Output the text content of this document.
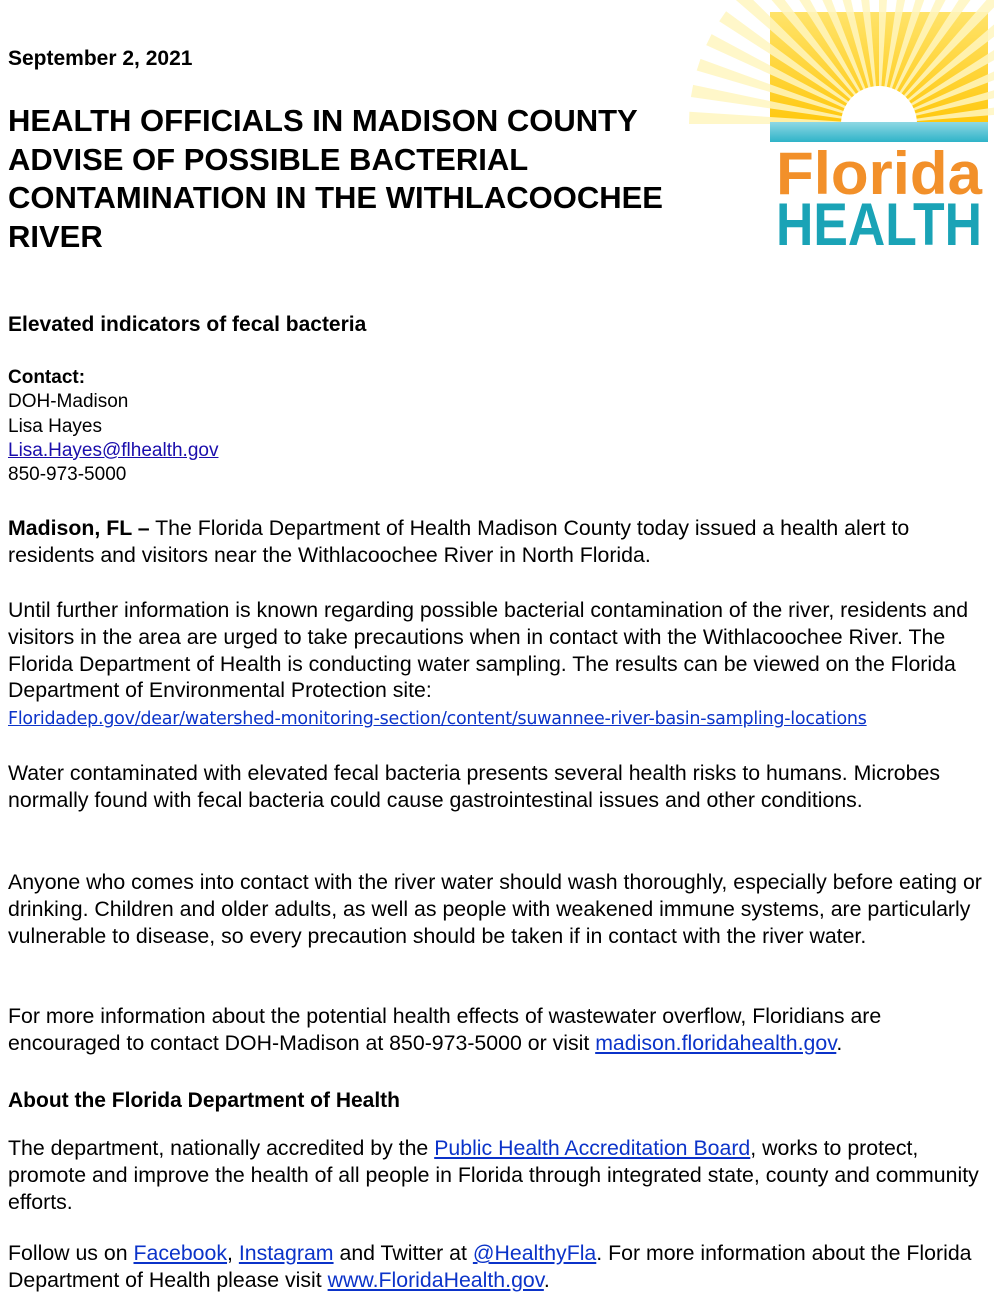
September 2, 2021
HEALTH OFFICIALS IN MADISON COUNTY ADVISE OF POSSIBLE BACTERIAL CONTAMINATION IN THE WITHLACOOCHEE RIVER
Florida
HEALTH
Elevated indicators of fecal bacteria
Contact:
DOH-Madison
Lisa Hayes
Lisa.Hayes@flhealth.gov
850-973-5000

Madison, FL – The Florida Department of Health Madison County today issued a health alert to residents and visitors near the Withlacoochee River in North Florida.

Until further information is known regarding possible bacterial contamination of the river, residents and visitors in the area are urged to take precautions when in contact with the Withlacoochee River. The Florida Department of Health is conducting water sampling. The results can be viewed on the Florida Department of Environmental Protection site:
Floridadep.gov/dear/watershed-monitoring-section/content/suwannee-river-basin-sampling-locations

Water contaminated with elevated fecal bacteria presents several health risks to humans. Microbes normally found with fecal bacteria could cause gastrointestinal issues and other conditions.

Anyone who comes into contact with the river water should wash thoroughly, especially before eating or drinking. Children and older adults, as well as people with weakened immune systems, are particularly vulnerable to disease, so every precaution should be taken if in contact with the river water.

For more information about the potential health effects of wastewater overflow, Floridians are encouraged to contact DOH-Madison at 850-973-5000 or visit madison.floridahealth.gov.

About the Florida Department of Health

The department, nationally accredited by the Public Health Accreditation Board, works to protect, promote and improve the health of all people in Florida through integrated state, county and community efforts.

Follow us on Facebook, Instagram and Twitter at @HealthyFla. For more information about the Florida Department of Health please visit www.FloridaHealth.gov.
